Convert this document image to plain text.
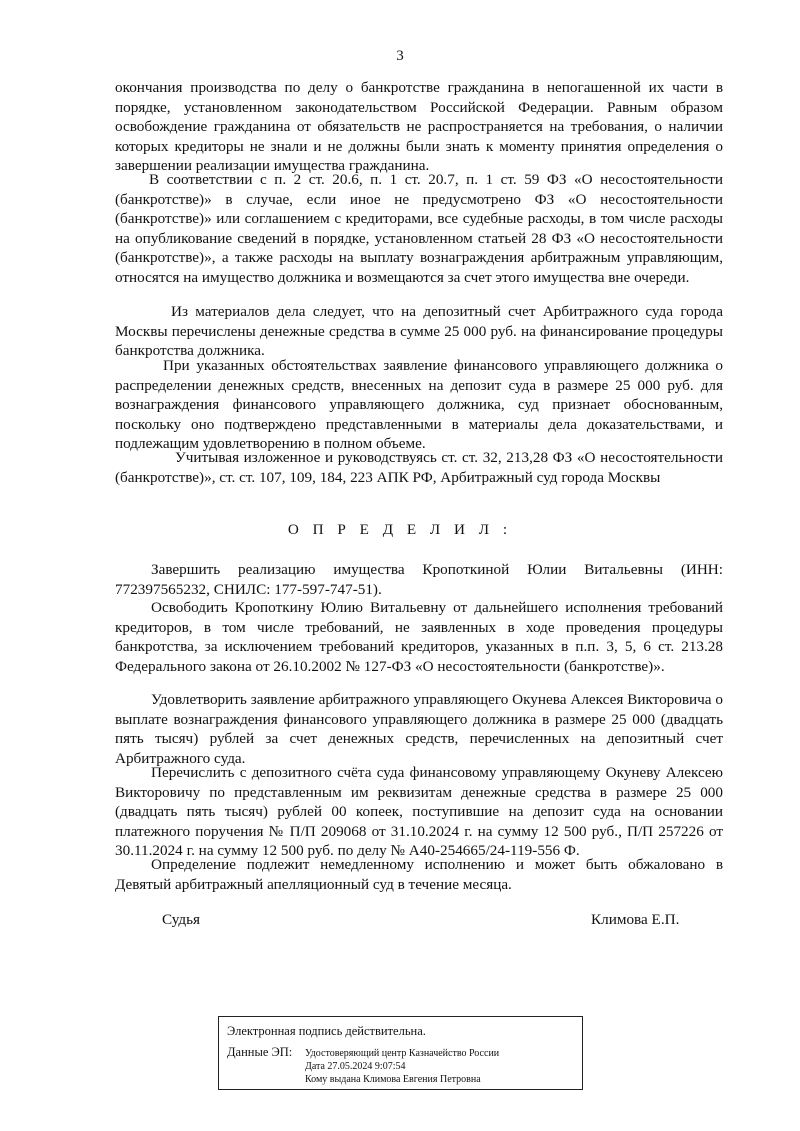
3

окончания производства по делу о банкротстве гражданина в непогашенной их части в порядке, установленном законодательством Российской Федерации. Равным образом освобождение гражданина от обязательств не распространяется на требования, о наличии которых кредиторы не знали и не должны были знать к моменту принятия определения о завершении реализации имущества гражданина.

В соответствии с п. 2 ст. 20.6, п. 1 ст. 20.7, п. 1 ст. 59 ФЗ «О несостоятельности (банкротстве)» в случае, если иное не предусмотрено ФЗ «О несостоятельности (банкротстве)» или соглашением с кредиторами, все судебные расходы, в том числе расходы на опубликование сведений в порядке, установленном статьей 28 ФЗ «О несостоятельности (банкротстве)», а также расходы на выплату вознаграждения арбитражным управляющим, относятся на имущество должника и возмещаются за счет этого имущества вне очереди.

Из материалов дела следует, что на депозитный счет Арбитражного суда города Москвы перечислены денежные средства в сумме 25 000 руб. на финансирование процедуры банкротства должника.

При указанных обстоятельствах заявление финансового управляющего должника о распределении денежных средств, внесенных на депозит суда в размере 25 000 руб. для вознаграждения финансового управляющего должника, суд признает обоснованным, поскольку оно подтверждено представленными в материалы дела доказательствами, и подлежащим удовлетворению в полном объеме.

Учитывая изложенное и руководствуясь ст. ст. 32, 213,28 ФЗ «О несостоятельности (банкротстве)», ст. ст. 107, 109, 184, 223 АПК РФ, Арбитражный суд города Москвы

О П Р Е Д Е Л И Л :

Завершить реализацию имущества Кропоткиной Юлии Витальевны (ИНН: 772397565232, СНИЛС: 177-597-747-51).

Освободить Кропоткину Юлию Витальевну от дальнейшего исполнения требований кредиторов, в том числе требований, не заявленных в ходе проведения процедуры банкротства, за исключением требований кредиторов, указанных в п.п. 3, 5, 6 ст. 213.28 Федерального закона от 26.10.2002 № 127-ФЗ «О несостоятельности (банкротстве)».

Удовлетворить заявление арбитражного управляющего Окунева Алексея Викторовича о выплате вознаграждения финансового управляющего должника в размере 25 000 (двадцать пять тысяч) рублей за счет денежных средств, перечисленных на депозитный счет Арбитражного суда.

Перечислить с депозитного счёта суда финансовому управляющему Окуневу Алексею Викторовичу по представленным им реквизитам денежные средства в размере 25 000 (двадцать пять тысяч) рублей 00 копеек, поступившие на депозит суда на основании платежного поручения № П/П 209068 от 31.10.2024 г. на сумму 12 500 руб., П/П 257226 от 30.11.2024 г. на сумму 12 500 руб. по делу № А40-254665/24-119-556 Ф.

Определение подлежит немедленному исполнению и может быть обжаловано в Девятый арбитражный апелляционный суд в течение месяца.

Судья	Климова Е.П.
Электронная подпись действительна.
Данные ЭП: Удостоверяющий центр Казначейство России
Дата 27.05.2024 9:07:54
Кому выдана Климова Евгения Петровна
